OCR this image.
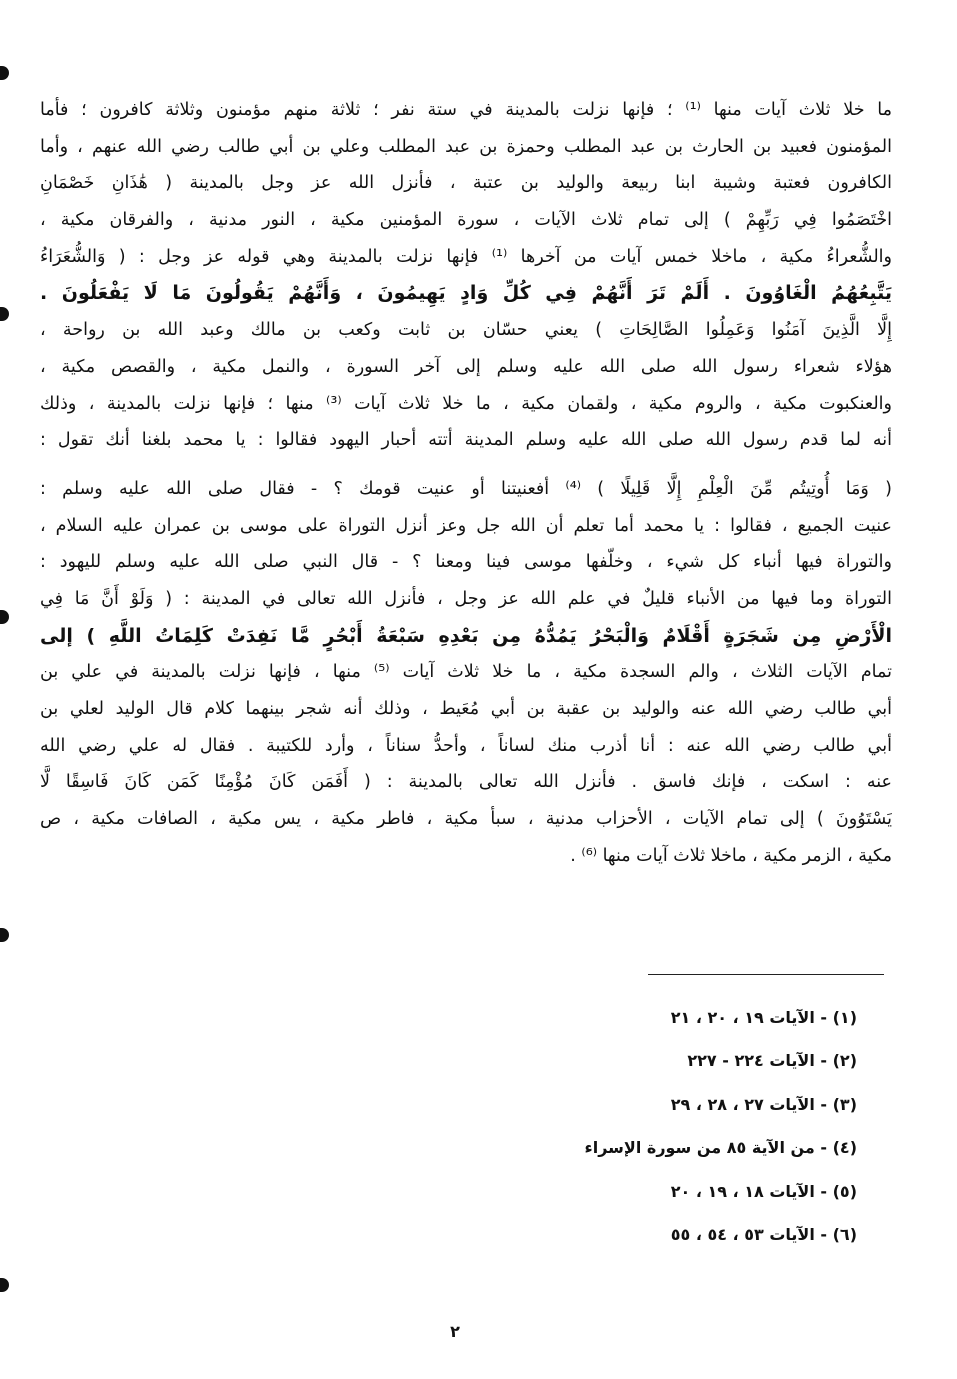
ما خلا ثلاث آيات منها ⁽¹⁾ ؛ فإنها نزلت بالمدينة في ستة نفر ؛ ثلاثة منهم مؤمنون وثلاثة كافرون ؛ فأما
المؤمنون فعبيد بن الحارث بن عبد المطلب وحمزة بن عبد المطلب وعلي بن أبي طالب رضي الله عنهم ، وأما
الكافرون فعتبة وشيبة ابنا ربيعة والوليد بن عتبة ، فأنزل الله عز وجل بالمدينة ( هَٰذَانِ خَصْمَانِ
اخْتَصَمُوا فِي رَبِّهِمْ ) إلى تمام ثلاث الآيات ، سورة المؤمنين مكية ، النور مدنية ، والفرقان مكية ،
والشُّعراءُ مكية ، ماخلا خمس آيات من آخرها ⁽¹⁾ فإنها نزلت بالمدينة وهي قوله عز وجل : ( وَالشُّعَرَاءُ
يَتَّبِعُهُمُ الْغَاوُونَ . أَلَمْ تَرَ أَنَّهُمْ فِي كُلِّ وَادٍ يَهِيمُونَ ، وَأَنَّهُمْ يَقُولُونَ مَا لَا يَفْعَلُونَ .
إِلَّا الَّذِينَ آمَنُوا وَعَمِلُوا الصَّالِحَاتِ ) يعني حسّان بن ثابت وكعب بن مالك وعبد الله بن رواحة ،
هؤلاء شعراء رسول الله صلى الله عليه وسلم إلى آخر السورة ، والنمل مكية ، والقصص مكية ،
والعنكبوت مكية ، والروم مكية ، ولقمان مكية ، ما خلا ثلاث آيات ⁽³⁾ منها ؛ فإنها نزلت بالمدينة ، وذلك
أنه لما قدم رسول الله صلى الله عليه وسلم المدينة أتته أحبار اليهود فقالوا : يا محمد بلغنا أنك تقول :
( وَمَا أُوتِيتُم مِّنَ الْعِلْمِ إِلَّا قَلِيلًا ) ⁽⁴⁾ أفعنيتنا أو عنيت قومك ؟ - فقال صلى الله عليه وسلم :
عنيت الجميع ، فقالوا : يا محمد أما تعلم أن الله جل وعز أنزل التوراة على موسى بن عمران عليه السلام ،
والتوراة فيها أنباء كل شيء ، وخلّفها موسى فينا ومعنا ؟ - قال النبي صلى الله عليه وسلم لليهود :
التوراة وما فيها من الأنباء قليلٌ في علم الله عز وجل ، فأنزل الله تعالى في المدينة : ( وَلَوْ أَنَّ مَا فِي
الْأَرْضِ مِن شَجَرَةٍ أَقْلَامٌ وَالْبَحْرُ يَمُدُّهُ مِن بَعْدِهِ سَبْعَةُ أَبْحُرٍ مَّا نَفِدَتْ كَلِمَاتُ اللَّهِ ) إلى
تمام الآيات الثلاث ، والم السجدة مكية ، ما خلا ثلاث آيات ⁽⁵⁾ منها ، فإنها نزلت بالمدينة في علي بن
أبي طالب رضي الله عنه والوليد بن عقبة بن أبي مُعَيط ، وذلك أنه شجر بينهما كلام قال الوليد لعلي بن
أبي طالب رضي الله عنه : أنا أذرب منك لساناً ، وأحدُّ سناناً ، وأرد للكتيبة . فقال له علي رضي الله
عنه : اسكت ، فإنك فاسق . فأنزل الله تعالى بالمدينة : ( أَفَمَن كَانَ مُؤْمِنًا كَمَن كَانَ فَاسِقًا لَّا
يَسْتَوُونَ ) إلى تمام الآيات ، الأحزاب مدنية ، سبأ مكية ، فاطر مكية ، يس مكية ، الصافات مكية ، ص
مكية ، الزمر مكية ، ماخلا ثلاث آيات منها ⁽⁶⁾ .
(١) - الآيات ١٩ ، ٢٠ ، ٢١
(٢) - الآيات ٢٢٤ - ٢٢٧
(٣) - الآيات ٢٧ ، ٢٨ ، ٢٩
(٤) - من الآية ٨٥ من سورة الإسراء
(٥) - الآيات ١٨ ، ١٩ ، ٢٠
(٦) - الآيات ٥٣ ، ٥٤ ، ٥٥
٢
